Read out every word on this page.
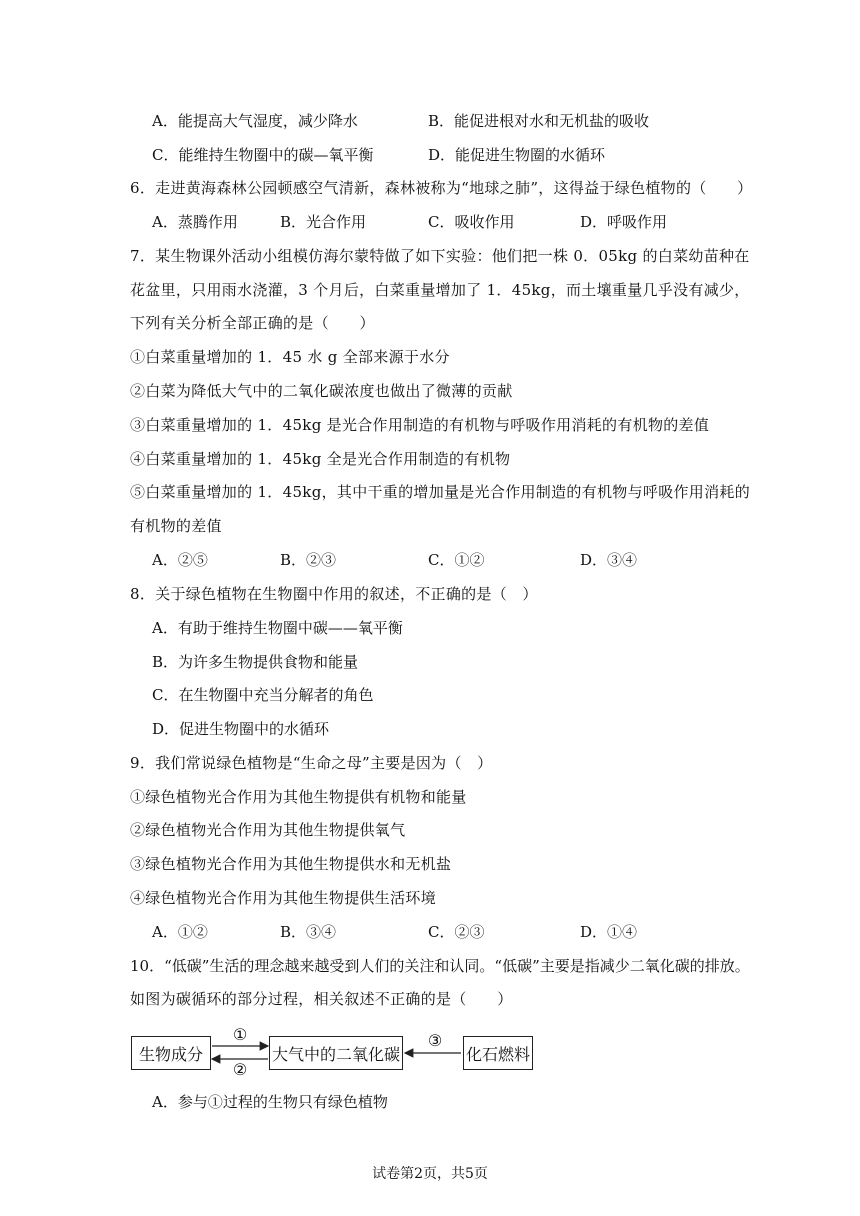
A．能提高大气湿度，减少降水	B．能促进根对水和无机盐的吸收
C．能维持生物圈中的碳—氧平衡	D．能促进生物圈的水循环
6．走进黄海森林公园顿感空气清新，森林被称为“地球之肺”，这得益于绿色植物的（　　）
A．蒸腾作用	B．光合作用	C．吸收作用	D．呼吸作用
7．某生物课外活动小组模仿海尔蒙特做了如下实验：他们把一株 0．05kg 的白菜幼苗种在
花盆里，只用雨水浇灌，3 个月后，白菜重量增加了 1．45kg，而土壤重量几乎没有减少，
下列有关分析全部正确的是（　　）
①白菜重量增加的 1．45 水 g 全部来源于水分
②白菜为降低大气中的二氧化碳浓度也做出了微薄的贡献
③白菜重量增加的 1．45kg 是光合作用制造的有机物与呼吸作用消耗的有机物的差值
④白菜重量增加的 1．45kg 全是光合作用制造的有机物
⑤白菜重量增加的 1．45kg，其中干重的增加量是光合作用制造的有机物与呼吸作用消耗的
有机物的差值
A．②⑤	B．②③	C．①②	D．③④
8．关于绿色植物在生物圈中作用的叙述，不正确的是（　）
A．有助于维持生物圈中碳——氧平衡
B．为许多生物提供食物和能量
C．在生物圈中充当分解者的角色
D．促进生物圈中的水循环
9．我们常说绿色植物是“生命之母”主要是因为（　）
①绿色植物光合作用为其他生物提供有机物和能量
②绿色植物光合作用为其他生物提供氧气
③绿色植物光合作用为其他生物提供水和无机盐
④绿色植物光合作用为其他生物提供生活环境
A．①②	B．③④	C．②③	D．①④
10．“低碳”生活的理念越来越受到人们的关注和认同。“低碳”主要是指减少二氧化碳的排放。
如图为碳循环的部分过程，相关叙述不正确的是（　　）
生物成分	大气中的二氧化碳	化石燃料
①
②
③
A．参与①过程的生物只有绿色植物
试卷第2页，共5页
